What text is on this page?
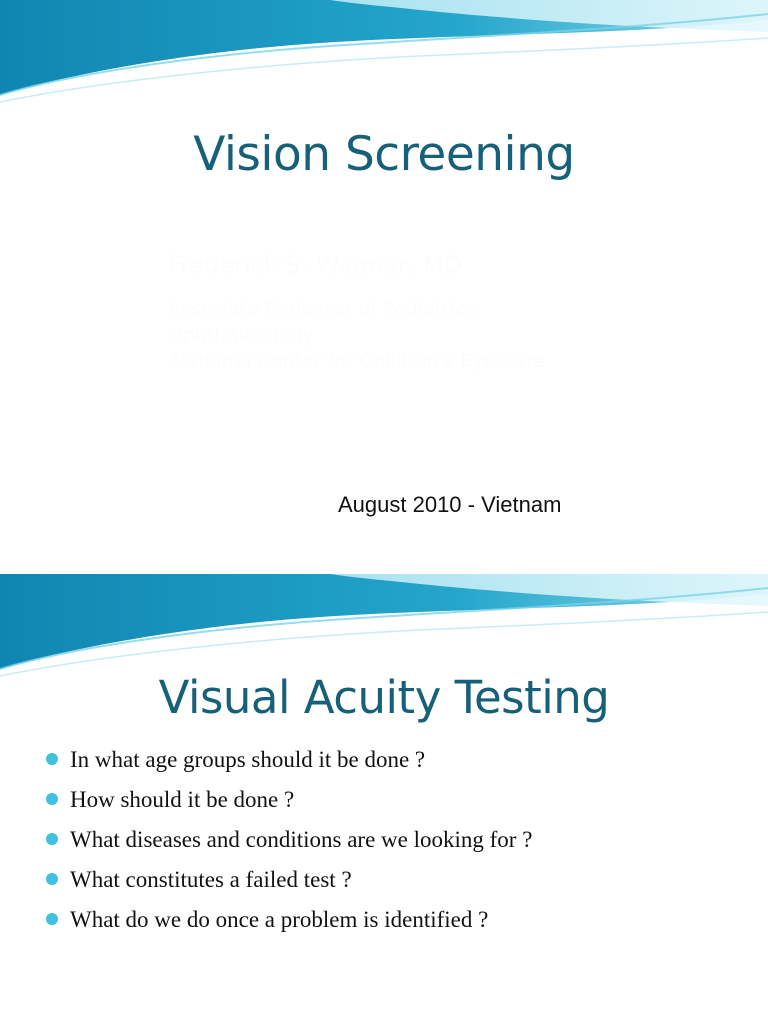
Vision Screening
Frederick S. Wagner, MD
Associate Professor of Pediatrics
Ophthalmology
Alabama Center for Children's Eye Care
August 2010 - Vietnam
Visual Acuity Testing
In what age groups should it be done ?
How should it be done ?
What diseases and conditions are we looking for ?
What constitutes a failed test ?
What do we do once a problem is identified ?
